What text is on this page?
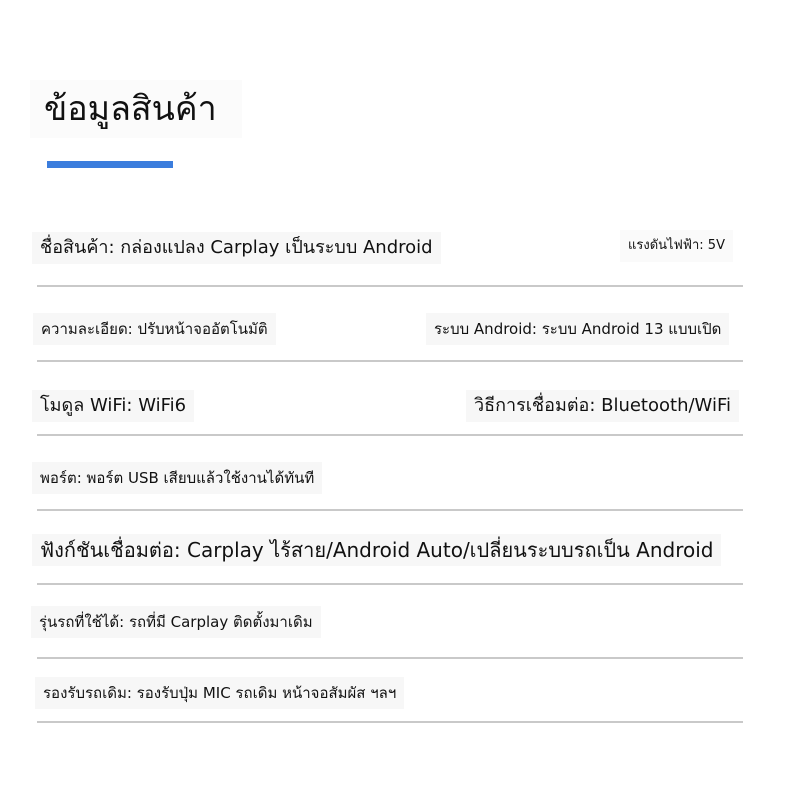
ข้อมูลสินค้า
ชื่อสินค้า: กล่องแปลง Carplay เป็นระบบ Android	แรงดันไฟฟ้า: 5V
ความละเอียด: ปรับหน้าจออัตโนมัติ	ระบบ Android: ระบบ Android 13 แบบเปิด
โมดูล WiFi: WiFi6	วิธีการเชื่อมต่อ: Bluetooth/WiFi
พอร์ต: พอร์ต USB เสียบแล้วใช้งานได้ทันที
ฟังก์ชันเชื่อมต่อ: Carplay ไร้สาย/Android Auto/เปลี่ยนระบบรถเป็น Android
รุ่นรถที่ใช้ได้: รถที่มี Carplay ติดตั้งมาเดิม
รองรับรถเดิม: รองรับปุ่ม MIC รถเดิม หน้าจอสัมผัส ฯลฯ
